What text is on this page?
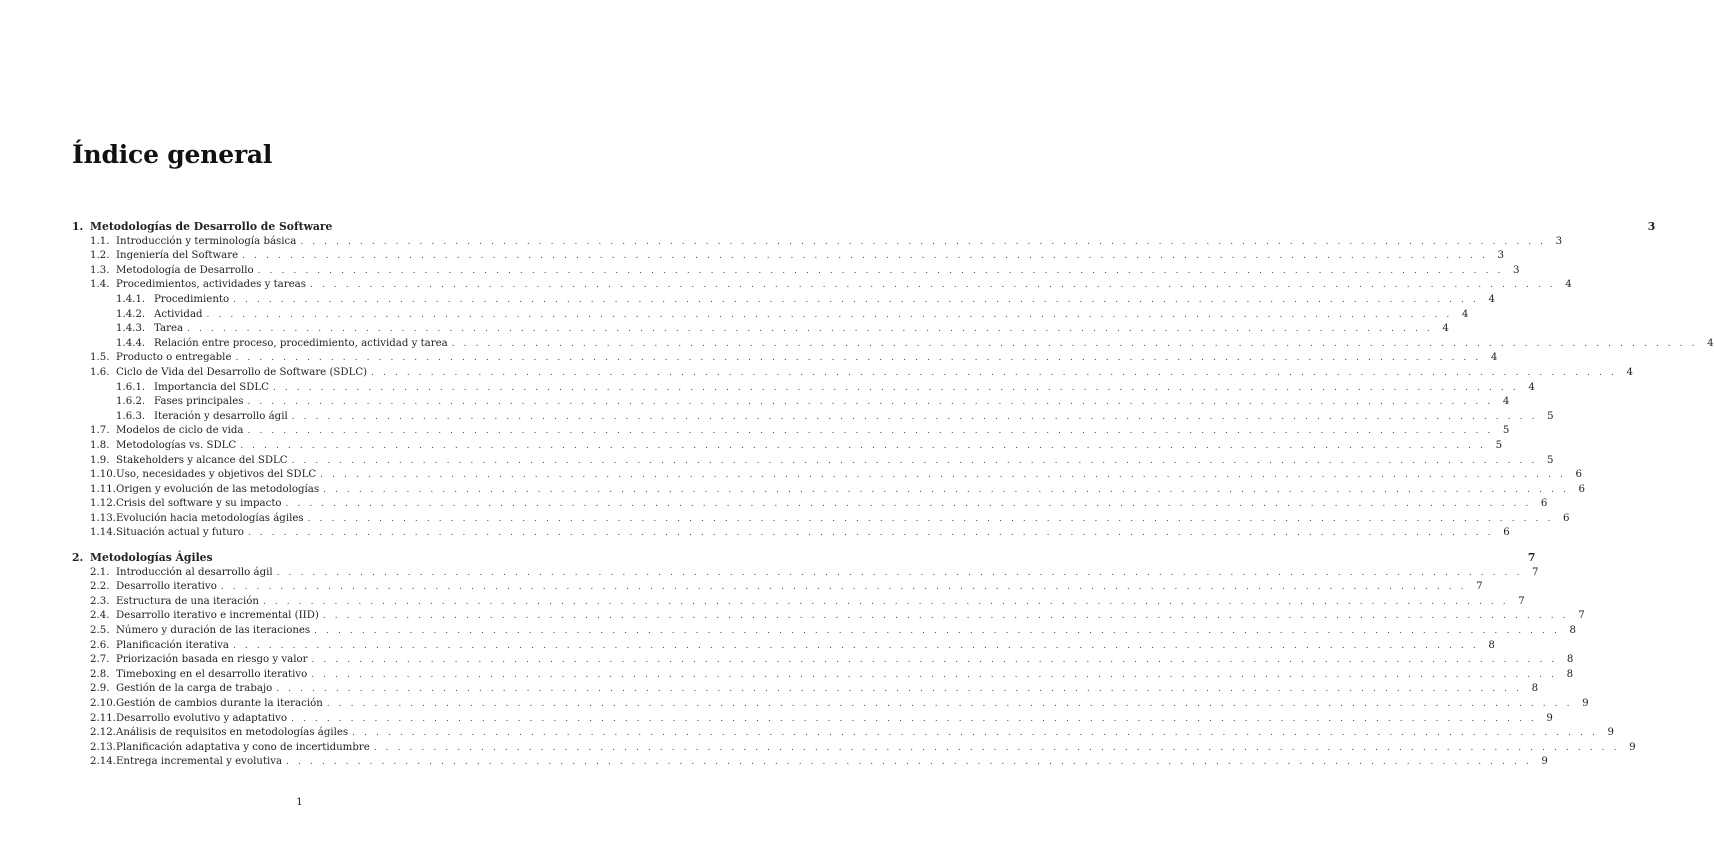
Índice general
1. Metodologías de Desarrollo de Software	3
1.1. Introducción y terminología básica . . .	3
1.2. Ingeniería del Software . . .	3
1.3. Metodología de Desarrollo . . .	3
1.4. Procedimientos, actividades y tareas . . .	4
1.4.1. Procedimiento . . .	4
1.4.2. Actividad . . .	4
1.4.3. Tarea . . .	4
1.4.4. Relación entre proceso, procedimiento, actividad y tarea . . .	4
1.5. Producto o entregable . . .	4
1.6. Ciclo de Vida del Desarrollo de Software (SDLC) . . .	4
1.6.1. Importancia del SDLC . . .	4
1.6.2. Fases principales . . .	4
1.6.3. Iteración y desarrollo ágil . . .	5
1.7. Modelos de ciclo de vida . . .	5
1.8. Metodologías vs. SDLC . . .	5
1.9. Stakeholders y alcance del SDLC . . .	5
1.10. Uso, necesidades y objetivos del SDLC . . .	6
1.11. Origen y evolución de las metodologías . . .	6
1.12. Crisis del software y su impacto . . .	6
1.13. Evolución hacia metodologías ágiles . . .	6
1.14. Situación actual y futuro . . .	6
2. Metodologías Ágiles	7
2.1. Introducción al desarrollo ágil . . .	7
2.2. Desarrollo iterativo . . .	7
2.3. Estructura de una iteración . . .	7
2.4. Desarrollo iterativo e incremental (IID) . . .	7
2.5. Número y duración de las iteraciones . . .	8
2.6. Planificación iterativa . . .	8
2.7. Priorización basada en riesgo y valor . . .	8
2.8. Timeboxing en el desarrollo iterativo . . .	8
2.9. Gestión de la carga de trabajo . . .	8
2.10. Gestión de cambios durante la iteración . . .	9
2.11. Desarrollo evolutivo y adaptativo . . .	9
2.12. Análisis de requisitos en metodologías ágiles . . .	9
2.13. Planificación adaptativa y cono de incertidumbre . . .	9
2.14. Entrega incremental y evolutiva . . .	9
1
